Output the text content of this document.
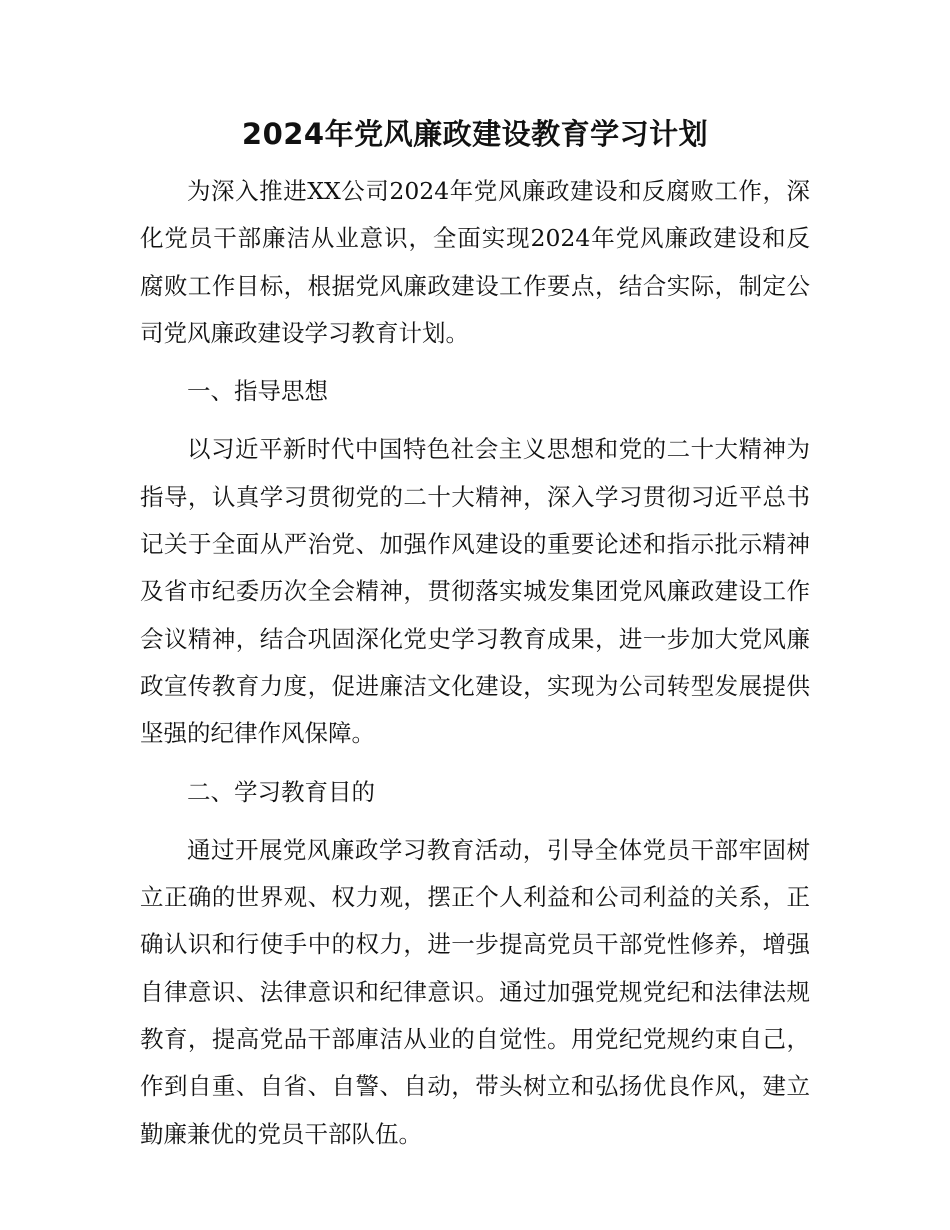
2024年党风廉政建设教育学习计划

为深入推进XX公司2024年党风廉政建设和反腐败工作，深化党员干部廉洁从业意识，全面实现2024年党风廉政建设和反腐败工作目标，根据党风廉政建设工作要点，结合实际，制定公司党风廉政建设学习教育计划。

一、指导思想

以习近平新时代中国特色社会主义思想和党的二十大精神为指导，认真学习贯彻党的二十大精神，深入学习贯彻习近平总书记关于全面从严治党、加强作风建设的重要论述和指示批示精神及省市纪委历次全会精神，贯彻落实城发集团党风廉政建设工作会议精神，结合巩固深化党史学习教育成果，进一步加大党风廉政宣传教育力度，促进廉洁文化建设，实现为公司转型发展提供坚强的纪律作风保障。

二、学习教育目的

通过开展党风廉政学习教育活动，引导全体党员干部牢固树立正确的世界观、权力观，摆正个人利益和公司利益的关系，正确认识和行使手中的权力，进一步提高党员干部党性修养，增强自律意识、法律意识和纪律意识。通过加强党规党纪和法律法规教育，提高党品干部庫洁从业的自觉性。用党纪党规约束自己，作到自重、自省、自警、自动，带头树立和弘扬优良作风，建立勤廉兼优的党员干部队伍。
